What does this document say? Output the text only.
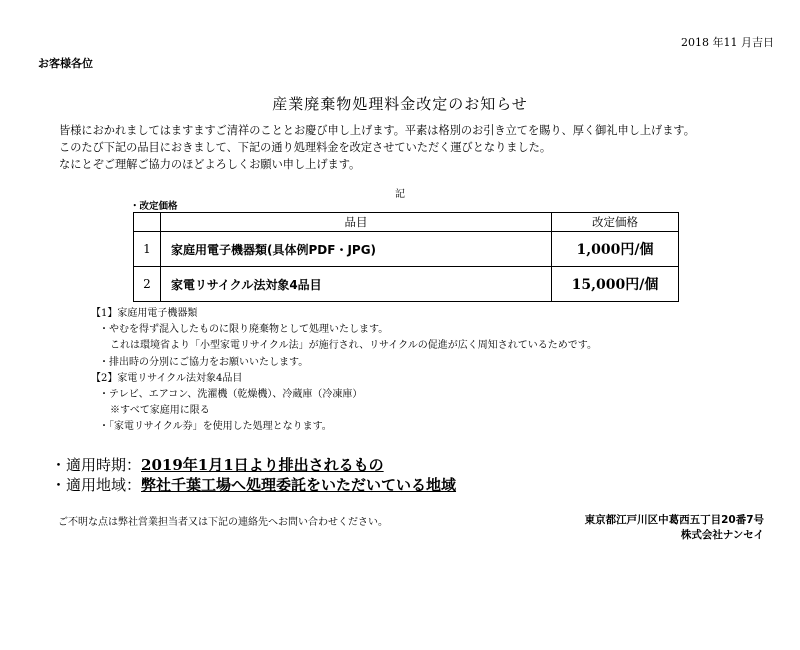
2018 年11 月吉日
お客様各位
産業廃棄物処理料金改定のお知らせ
皆様におかれましてはますますご清祥のこととお慶び申し上げます。平素は格別のお引き立てを賜り、厚く御礼申し上げます。
このたび下記の品目におきまして、下記の通り処理料金を改定させていただく運びとなりました。
なにとぞご理解ご協力のほどよろしくお願い申し上げます。
記
・改定価格
	品目	改定価格
1	家庭用電子機器類(具体例PDF・JPG)	1,000円/個
2	家電リサイクル法対象4品目	15,000円/個
【1】家庭用電子機器類
・やむを得ず混入したものに限り廃棄物として処理いたします。
これは環境省より「小型家電リサイクル法」が施行され、リサイクルの促進が広く周知されているためです。
・排出時の分別にご協力をお願いいたします。
【2】家電リサイクル法対象4品目
・テレビ、エアコン、洗濯機（乾燥機）、冷蔵庫（冷凍庫）
※すべて家庭用に限る
・「家電リサイクル券」を使用した処理となります。
・適用時期：2019年1月1日より排出されるもの
・適用地域：弊社千葉工場へ処理委託をいただいている地域
ご不明な点は弊社営業担当者又は下記の連絡先へお問い合わせください。	東京都江戸川区中葛西五丁目20番7号
株式会社ナンセイ
